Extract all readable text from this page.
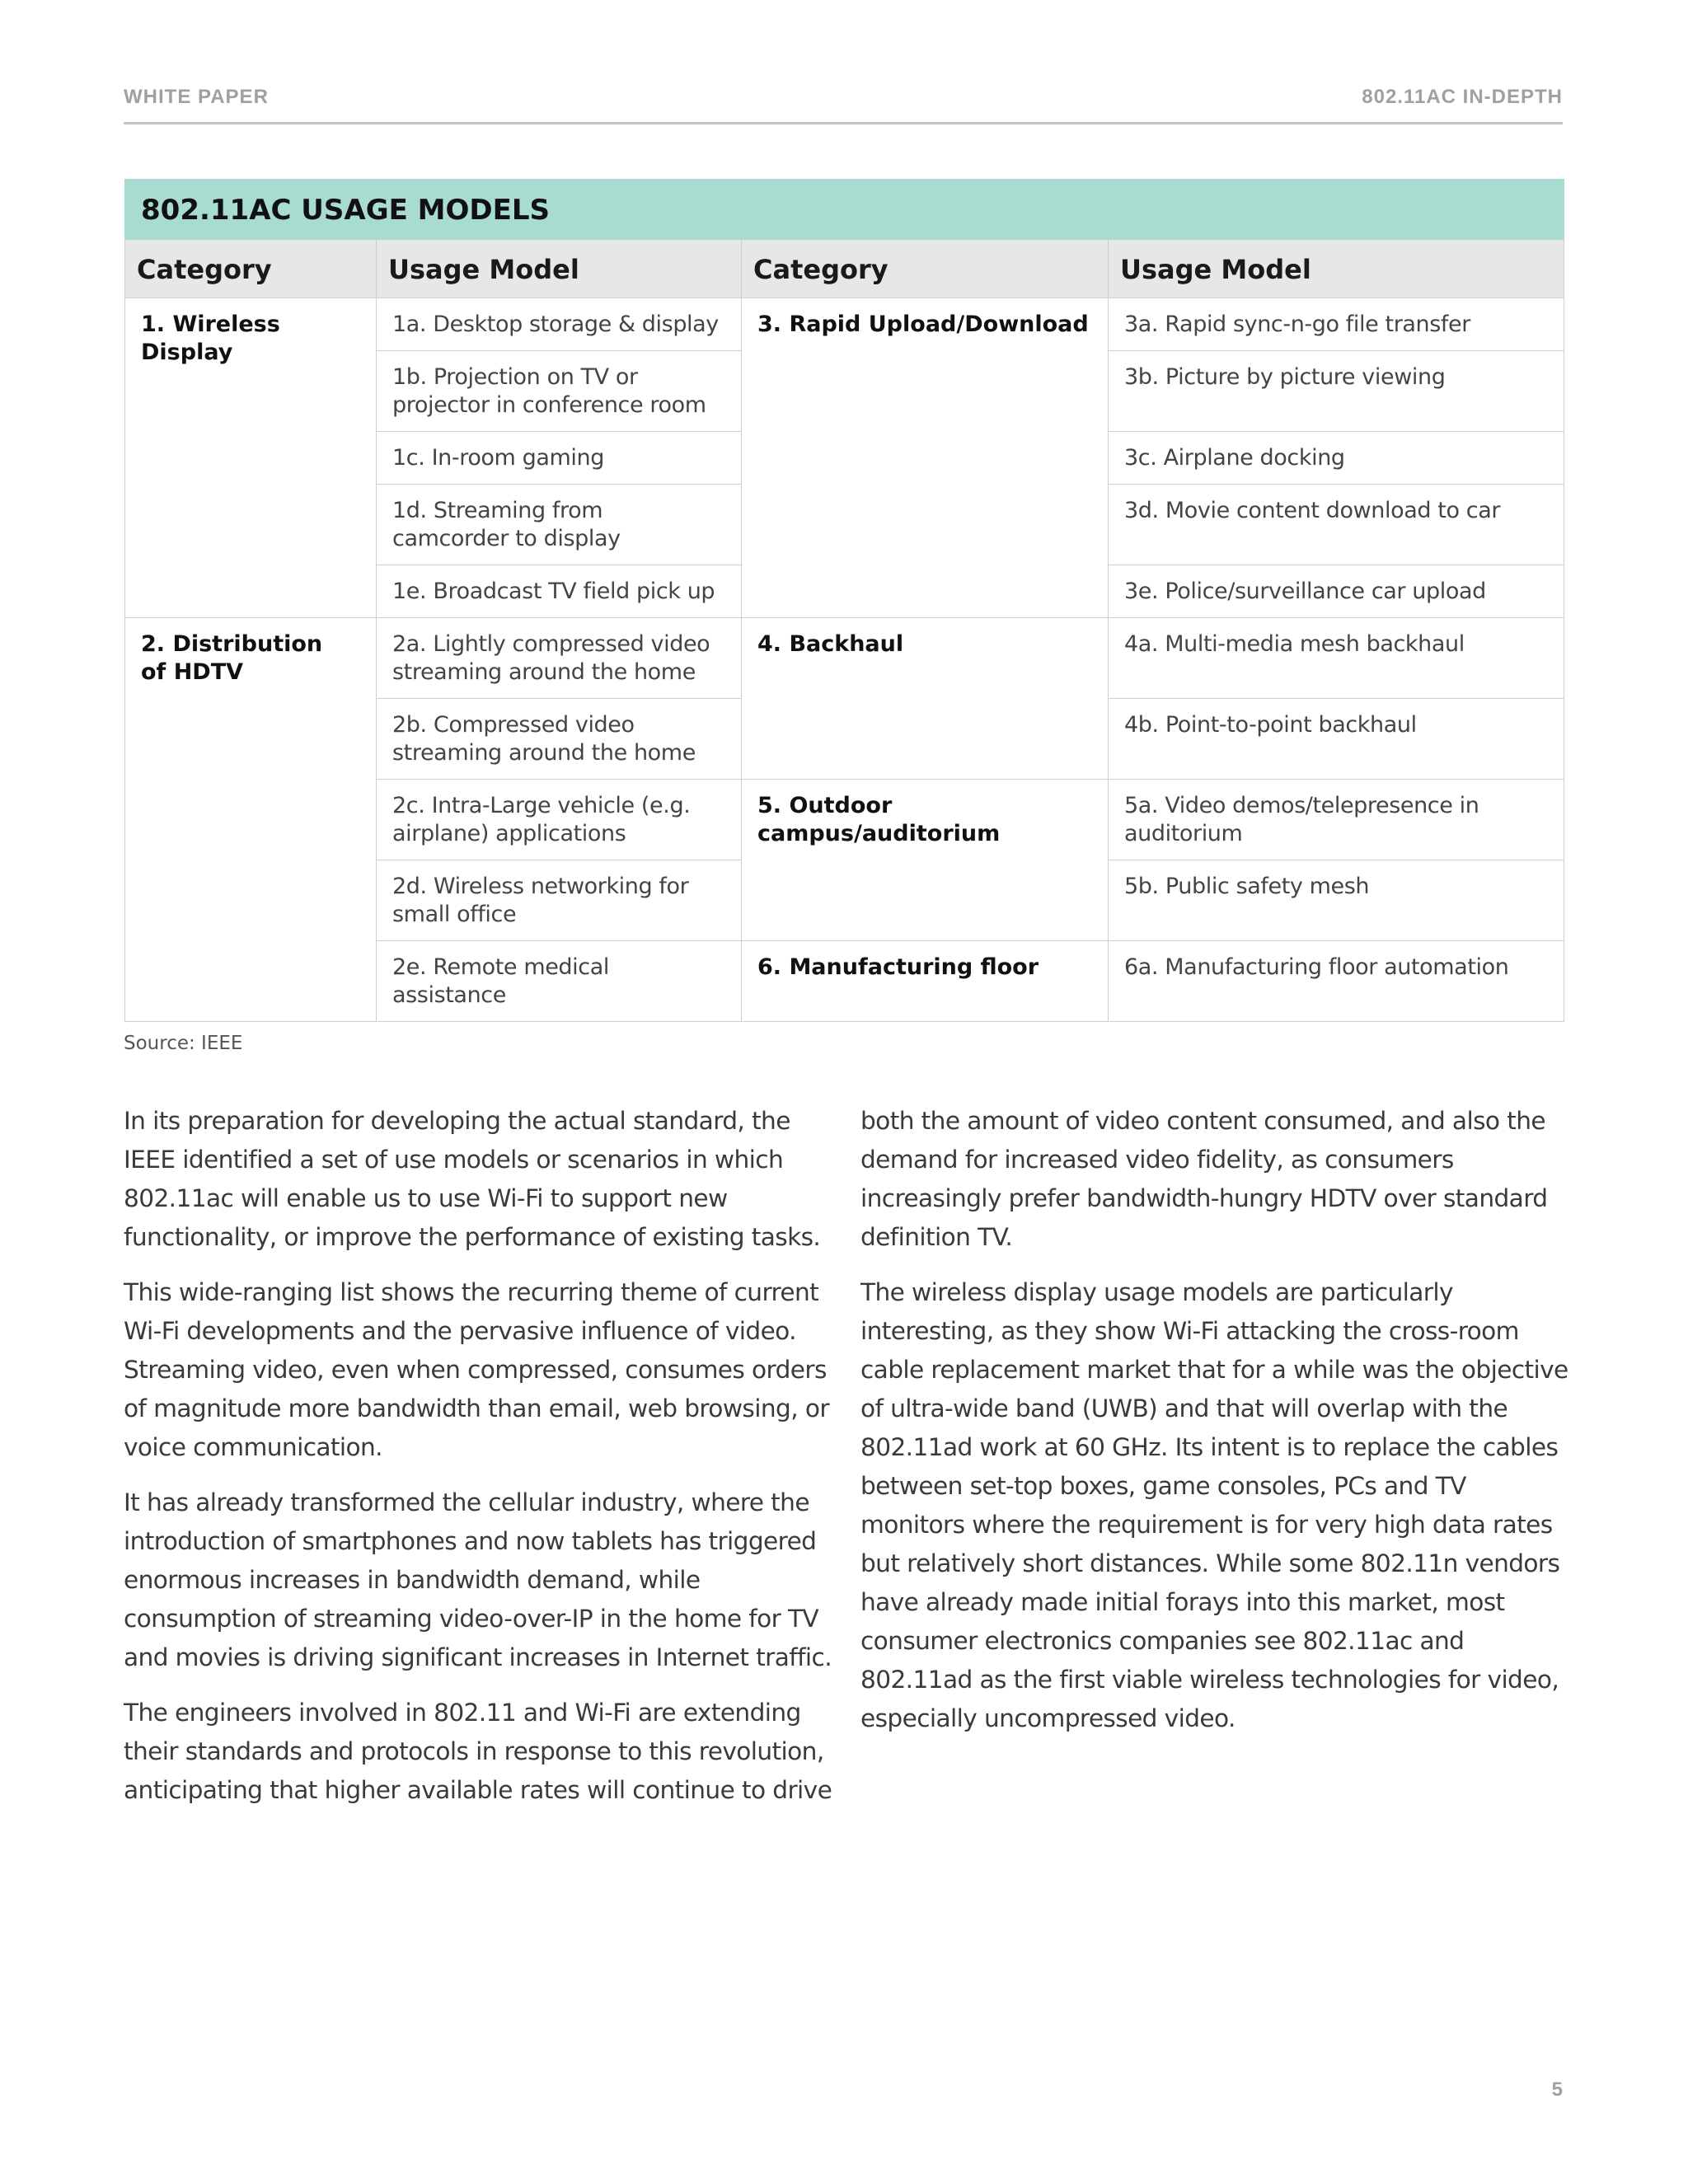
WHITE PAPER	802.11AC IN-DEPTH
802.11AC USAGE MODELS			
Category	Usage Model	Category	Usage Model
1. Wireless Display	1a. Desktop storage & display	3. Rapid Upload/Download	3a. Rapid sync-n-go file transfer
	1b. Projection on TV or projector in conference room		3b. Picture by picture viewing
	1c. In-room gaming		3c. Airplane docking
	1d. Streaming from camcorder to display		3d. Movie content download to car
	1e. Broadcast TV field pick up		3e. Police/surveillance car upload
2. Distribution of HDTV	2a. Lightly compressed video streaming around the home	4. Backhaul	4a. Multi-media mesh backhaul
	2b. Compressed video streaming around the home		4b. Point-to-point backhaul
	2c. Intra-Large vehicle (e.g. airplane) applications	5. Outdoor campus/auditorium	5a. Video demos/telepresence in auditorium
	2d. Wireless networking for small office		5b. Public safety mesh
	2e. Remote medical assistance	6. Manufacturing floor	6a. Manufacturing floor automation
Source: IEEE

In its preparation for developing the actual standard, the IEEE identified a set of use models or scenarios in which 802.11ac will enable us to use Wi-Fi to support new functionality, or improve the performance of existing tasks.

This wide-ranging list shows the recurring theme of current Wi-Fi developments and the pervasive influence of video. Streaming video, even when compressed, consumes orders of magnitude more bandwidth than email, web browsing, or voice communication.

It has already transformed the cellular industry, where the introduction of smartphones and now tablets has triggered enormous increases in bandwidth demand, while consumption of streaming video-over-IP in the home for TV and movies is driving significant increases in Internet traffic.

The engineers involved in 802.11 and Wi-Fi are extending their standards and protocols in response to this revolution, anticipating that higher available rates will continue to drive

both the amount of video content consumed, and also the demand for increased video fidelity, as consumers increasingly prefer bandwidth-hungry HDTV over standard definition TV.

The wireless display usage models are particularly interesting, as they show Wi-Fi attacking the cross-room cable replacement market that for a while was the objective of ultra-wide band (UWB) and that will overlap with the 802.11ad work at 60 GHz. Its intent is to replace the cables between set-top boxes, game consoles, PCs and TV monitors where the requirement is for very high data rates but relatively short distances. While some 802.11n vendors have already made initial forays into this market, most consumer electronics companies see 802.11ac and 802.11ad as the first viable wireless technologies for video, especially uncompressed video.

5
